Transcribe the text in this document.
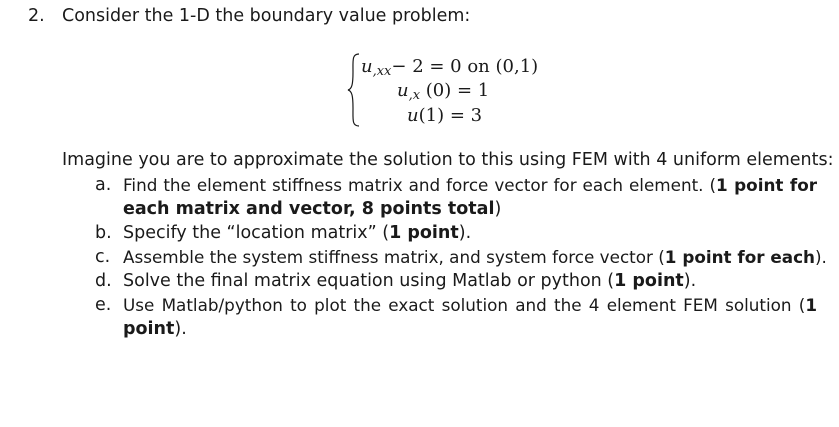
2. Consider the 1-D the boundary value problem:
$u_{,xx}- 2 = 0$ on (0,1)
$u_{,x}$ (0) = 1
u(1) = 3
Imagine you are to approximate the solution to this using FEM with 4 uniform elements:
a. Find the element stiffness matrix and force vector for each element. (1 point for
each matrix and vector, 8 points total)
b. Specify the “location matrix” (1 point).
c. Assemble the system stiffness matrix, and system force vector (1 point for each).
d. Solve the final matrix equation using Matlab or python (1 point).
e. Use Matlab/python to plot the exact solution and the 4 element FEM solution (1
point).
